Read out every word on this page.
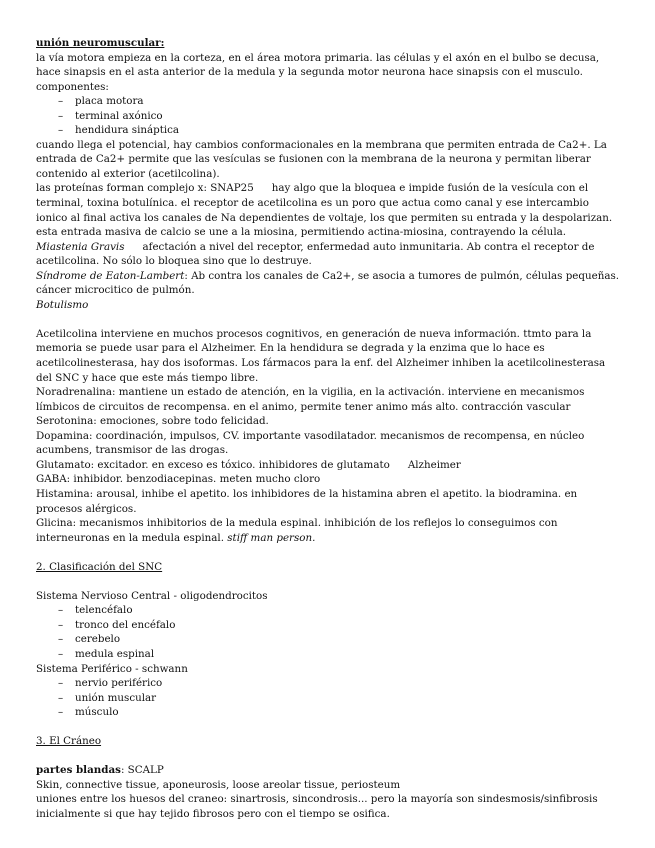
unión neuromuscular:

la vía motora empieza en la corteza, en el área motora primaria. las células y el axón en el bulbo se decusa, hace sinapsis en el asta anterior de la medula y la segunda motor neurona hace sinapsis con el musculo.

componentes:

– placa motora
– terminal axónico
– hendidura sináptica

cuando llega el potencial, hay cambios conformacionales en la membrana que permiten entrada de Ca2+. La entrada de Ca2+ permite que las vesículas se fusionen con la membrana de la neurona y permitan liberar contenido al exterior (acetilcolina).

las proteínas forman complejo x: SNAP25 hay algo que la bloquea e impide fusión de la vesícula con el terminal, toxina botulínica. el receptor de acetilcolina es un poro que actua como canal y ese intercambio ionico al final activa los canales de Na dependientes de voltaje, los que permiten su entrada y la despolarizan. esta entrada masiva de calcio se une a la miosina, permitiendo actina-miosina, contrayendo la célula.

Miastenia Gravis afectación a nivel del receptor, enfermedad auto inmunitaria. Ab contra el receptor de acetilcolina. No sólo lo bloquea sino que lo destruye.

Síndrome de Eaton-Lambert: Ab contra los canales de Ca2+, se asocia a tumores de pulmón, células pequeñas. cáncer microcitico de pulmón.

Botulismo

Acetilcolina interviene en muchos procesos cognitivos, en generación de nueva información. ttmto para la memoria se puede usar para el Alzheimer. En la hendidura se degrada y la enzima que lo hace es acetilcolinesterasa, hay dos isoformas. Los fármacos para la enf. del Alzheimer inhiben la acetilcolinesterasa del SNC y hace que este más tiempo libre.

Noradrenalina: mantiene un estado de atención, en la vigilia, en la activación. interviene en mecanismos límbicos de circuitos de recompensa. en el animo, permite tener animo más alto. contracción vascular

Serotonina: emociones, sobre todo felicidad.

Dopamina: coordinación, impulsos, CV. importante vasodilatador. mecanismos de recompensa, en núcleo acumbens, transmisor de las drogas.

Glutamato: excitador. en exceso es tóxico. inhibidores de glutamato Alzheimer

GABA: inhibidor. benzodiacepinas. meten mucho cloro

Histamina: arousal, inhibe el apetito. los inhibidores de la histamina abren el apetito. la biodramina. en procesos alérgicos.

Glicina: mecanismos inhibitorios de la medula espinal. inhibición de los reflejos lo conseguimos con interneuronas en la medula espinal. stiff man person.

2. Clasificación del SNC

Sistema Nervioso Central - oligodendrocitos

– telencéfalo
– tronco del encéfalo
– cerebelo
– medula espinal

Sistema Periférico - schwann

– nervio periférico
– unión muscular
– músculo

3. El Cráneo

partes blandas: SCALP

Skin, connective tissue, aponeurosis, loose areolar tissue, periosteum

uniones entre los huesos del craneo: sinartrosis, sincondrosis... pero la mayoría son sindesmosis/sinfibrosis inicialmente si que hay tejido fibrosos pero con el tiempo se osifica.
